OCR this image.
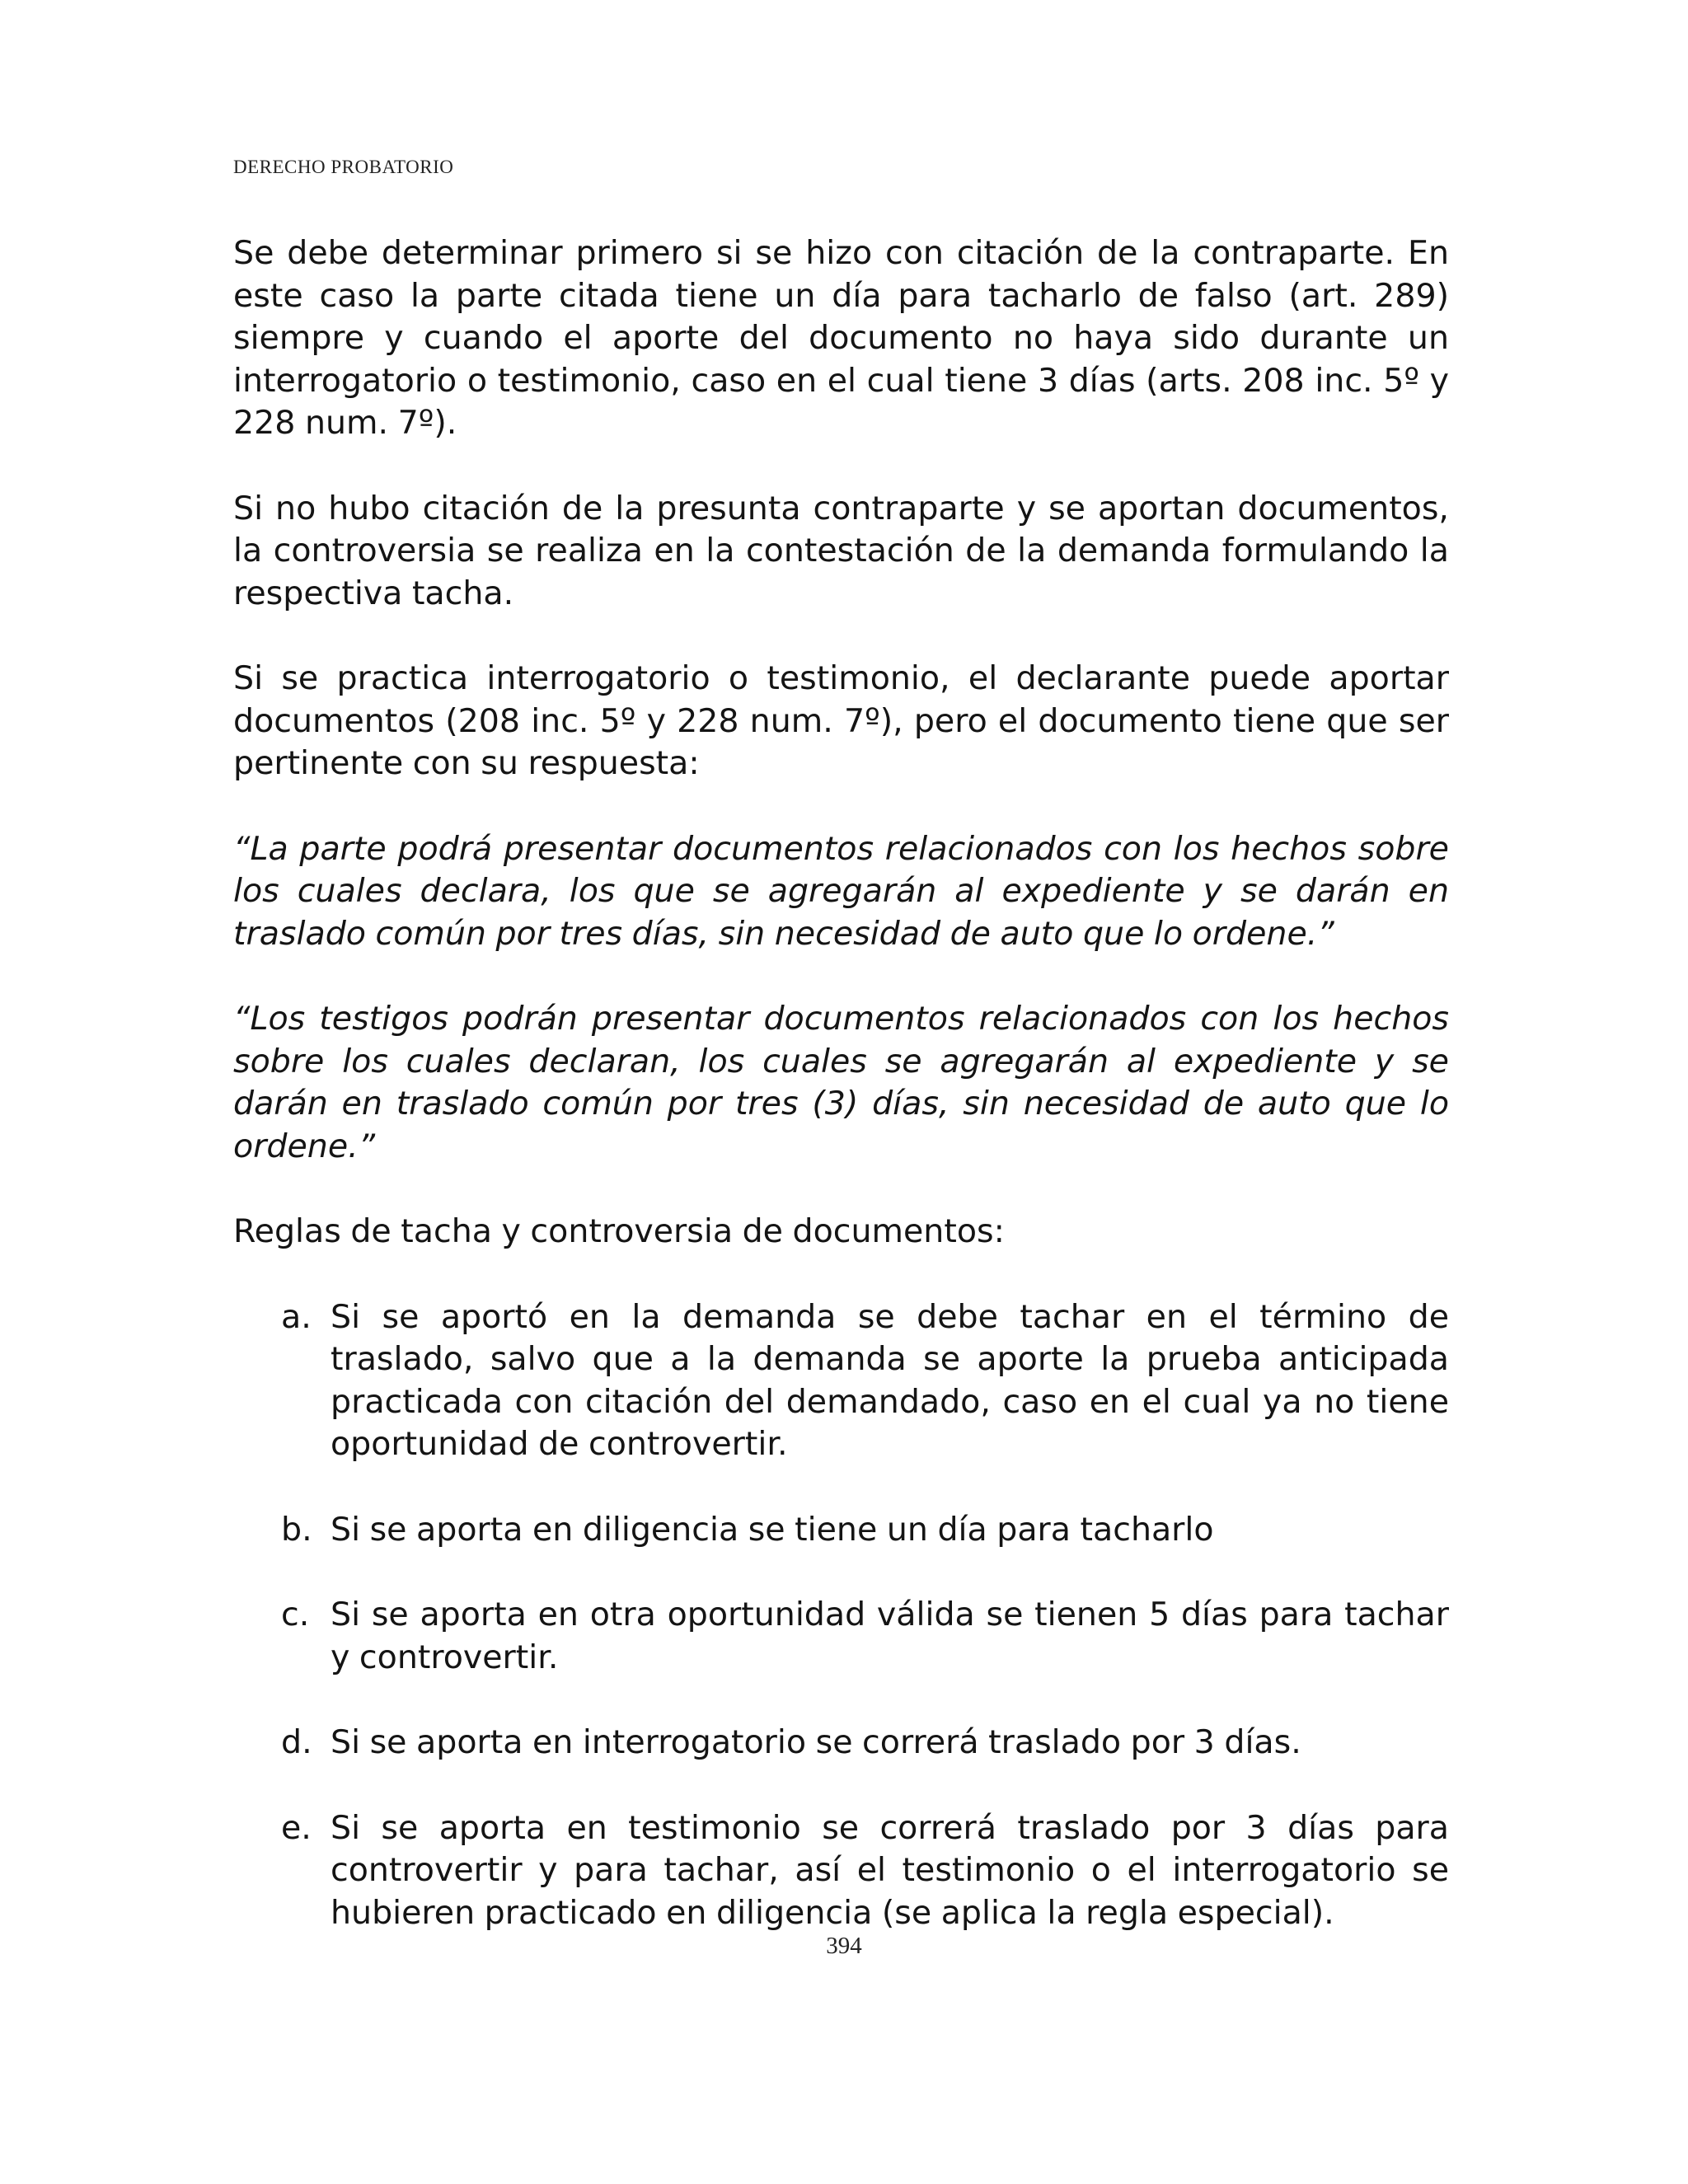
DERECHO PROBATORIO

Se debe determinar primero si se hizo con citación de la contraparte. En este caso la parte citada tiene un día para tacharlo de falso (art. 289) siempre y cuando el aporte del documento no haya sido durante un interrogatorio o testimonio, caso en el cual tiene 3 días (arts. 208 inc. 5º y 228 num. 7º).

Si no hubo citación de la presunta contraparte y se aportan documentos, la controversia se realiza en la contestación de la demanda formulando la respectiva tacha.

Si se practica interrogatorio o testimonio, el declarante puede aportar documentos (208 inc. 5º y 228 num. 7º), pero el documento tiene que ser pertinente con su respuesta:

“La parte podrá presentar documentos relacionados con los hechos sobre los cuales declara, los que se agregarán al expediente y se darán en traslado común por tres días, sin necesidad de auto que lo ordene.”

“Los testigos podrán presentar documentos relacionados con los hechos sobre los cuales declaran, los cuales se agregarán al expediente y se darán en traslado común por tres (3) días, sin necesidad de auto que lo ordene.”

Reglas de tacha y controversia de documentos:

a. Si se aportó en la demanda se debe tachar en el término de traslado, salvo que a la demanda se aporte la prueba anticipada practicada con citación del demandado, caso en el cual ya no tiene oportunidad de controvertir.
b. Si se aporta en diligencia se tiene un día para tacharlo
c. Si se aporta en otra oportunidad válida se tienen 5 días para tachar y controvertir.
d. Si se aporta en interrogatorio se correrá traslado por 3 días.
e. Si se aporta en testimonio se correrá traslado por 3 días para controvertir y para tachar, así el testimonio o el interrogatorio se hubieren practicado en diligencia (se aplica la regla especial).
394
